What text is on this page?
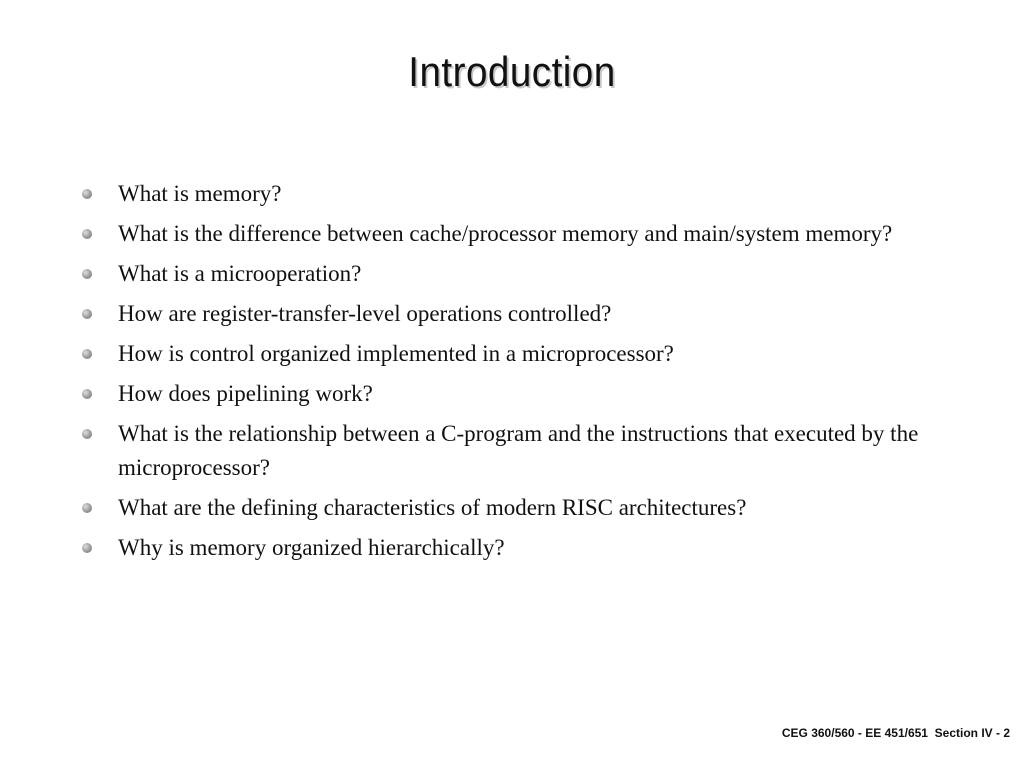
Introduction
What is memory?
What is the difference between cache/processor memory and main/system memory?
What is a microoperation?
How are register-transfer-level operations controlled?
How is control organized implemented in a microprocessor?
How does pipelining work?
What is the relationship between a C-program and the instructions that executed by the microprocessor?
What are the defining characteristics of modern RISC architectures?
Why is memory organized hierarchically?
CEG 360/560 - EE 451/651  Section IV - 2
